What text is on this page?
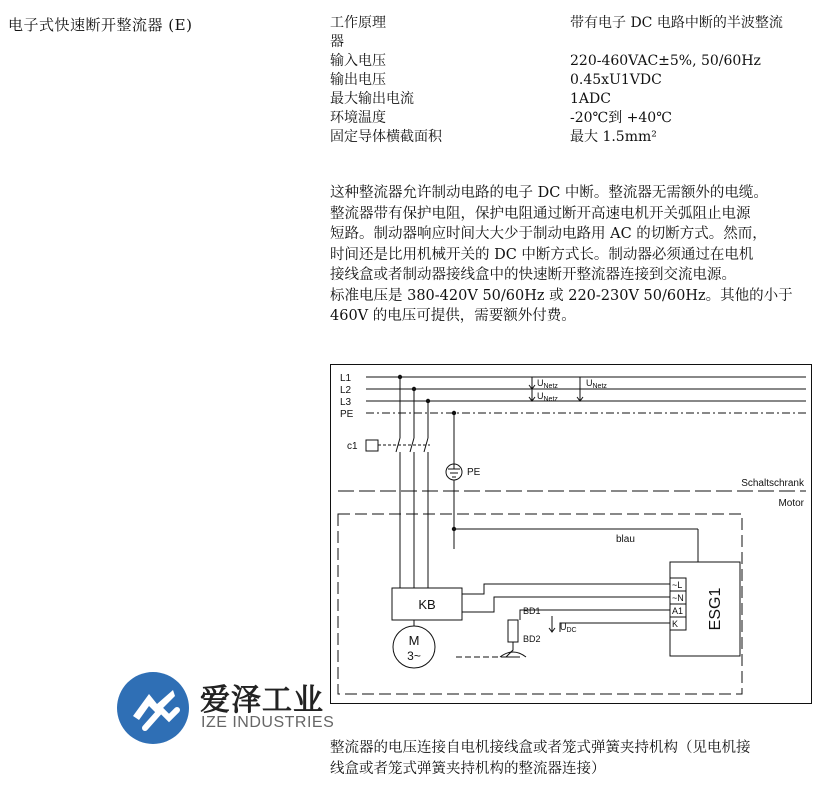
电子式快速断开整流器 (E)	工作原理	带有电子 DC 电路中断的半波整流
器
输入电压	220-460VAC±5%, 50/60Hz
输出电压	0.45xU1VDC
最大输出电流	1ADC
环境温度	-20℃到 +40℃
固定导体横截面积	最大 1.5mm²

这种整流器允许制动电路的电子 DC 中断。整流器无需额外的电缆。

整流器带有保护电阻，保护电阻通过断开高速电机开关弧阻止电源

短路。制动器响应时间大大少于制动电路用 AC 的切断方式。然而，

时间还是比用机械开关的 DC 中断方式长。制动器必须通过在电机

接线盒或者制动器接线盒中的快速断开整流器连接到交流电源。

标准电压是 380-420V 50/60Hz 或 220-230V 50/60Hz。其他的小于

460V 的电压可提供，需要额外付费。

L1
L2
L3
PE
$U_{Netz}$
$U_{Netz}$
$U_{Netz}$
c1
PE
Schaltschrank
Motor
blau
KB
M
3~
ESG1
~L
~N
A1
K
BD1
BD2
$U_{DC}$
爱泽工业
IZE INDUSTRIES
整流器的电压连接自电机接线盒或者笼式弹簧夹持机构（见电机接
线盒或者笼式弹簧夹持机构的整流器连接）
